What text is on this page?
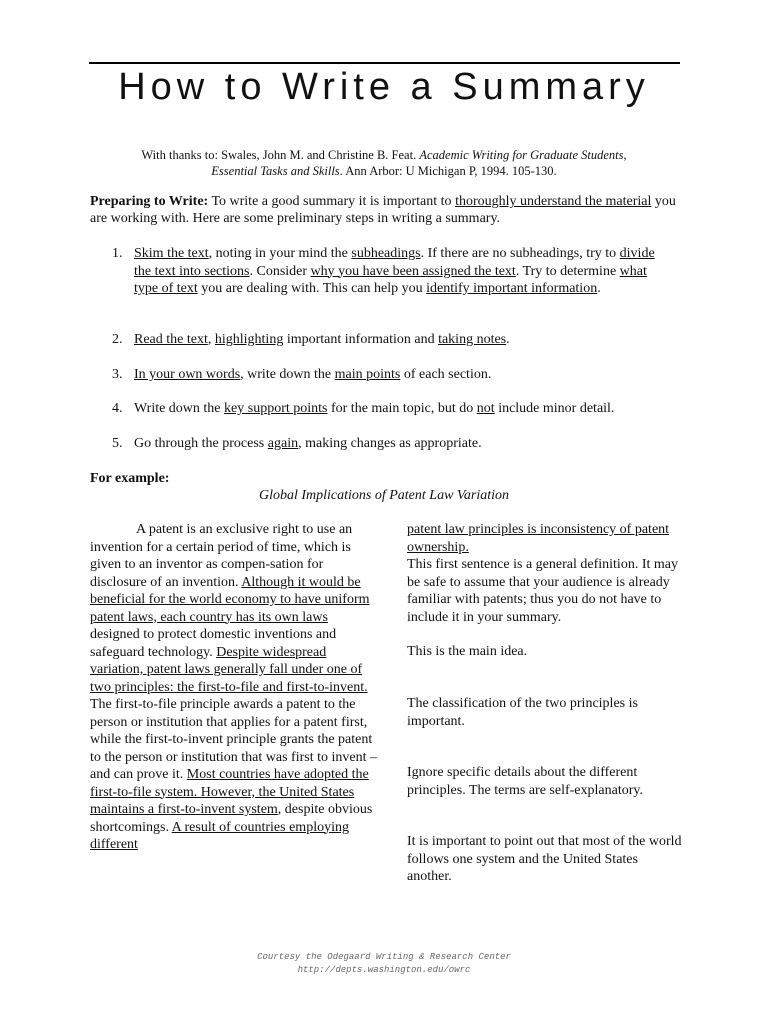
How to Write a Summary
With thanks to: Swales, John M. and Christine B. Feat. Academic Writing for Graduate Students,
Essential Tasks and Skills. Ann Arbor: U Michigan P, 1994. 105-130.
Preparing to Write: To write a good summary it is important to thoroughly understand the material you are working with. Here are some preliminary steps in writing a summary.
1. Skim the text, noting in your mind the subheadings. If there are no subheadings, try to divide the text into sections. Consider why you have been assigned the text. Try to determine what type of text you are dealing with. This can help you identify important information.
2. Read the text, highlighting important information and taking notes.
3. In your own words, write down the main points of each section.
4. Write down the key support points for the main topic, but do not include minor detail.
5. Go through the process again, making changes as appropriate.
For example:
Global Implications of Patent Law Variation
A patent is an exclusive right to use an invention for a certain period of time, which is given to an inventor as compen-sation for disclosure of an invention. Although it would be beneficial for the world economy to have uniform patent laws, each country has its own laws designed to protect domestic inventions and safeguard technology. Despite widespread variation, patent laws generally fall under one of two principles: the first-to-file and first-to-invent. The first-to-file principle awards a patent to the person or institution that applies for a patent first, while the first-to-invent principle grants the patent to the person or institution that was first to invent – and can prove it. Most countries have adopted the first-to-file system. However, the United States maintains a first-to-invent system, despite obvious shortcomings. A result of countries employing different
patent law principles is inconsistency of patent ownership.
This first sentence is a general definition. It may be safe to assume that your audience is already familiar with patents; thus you do not have to include it in your summary.
This is the main idea.
The classification of the two principles is important.
Ignore specific details about the different principles. The terms are self-explanatory.
It is important to point out that most of the world follows one system and the United States another.
Courtesy the Odegaard Writing & Research Center
http://depts.washington.edu/owrc
